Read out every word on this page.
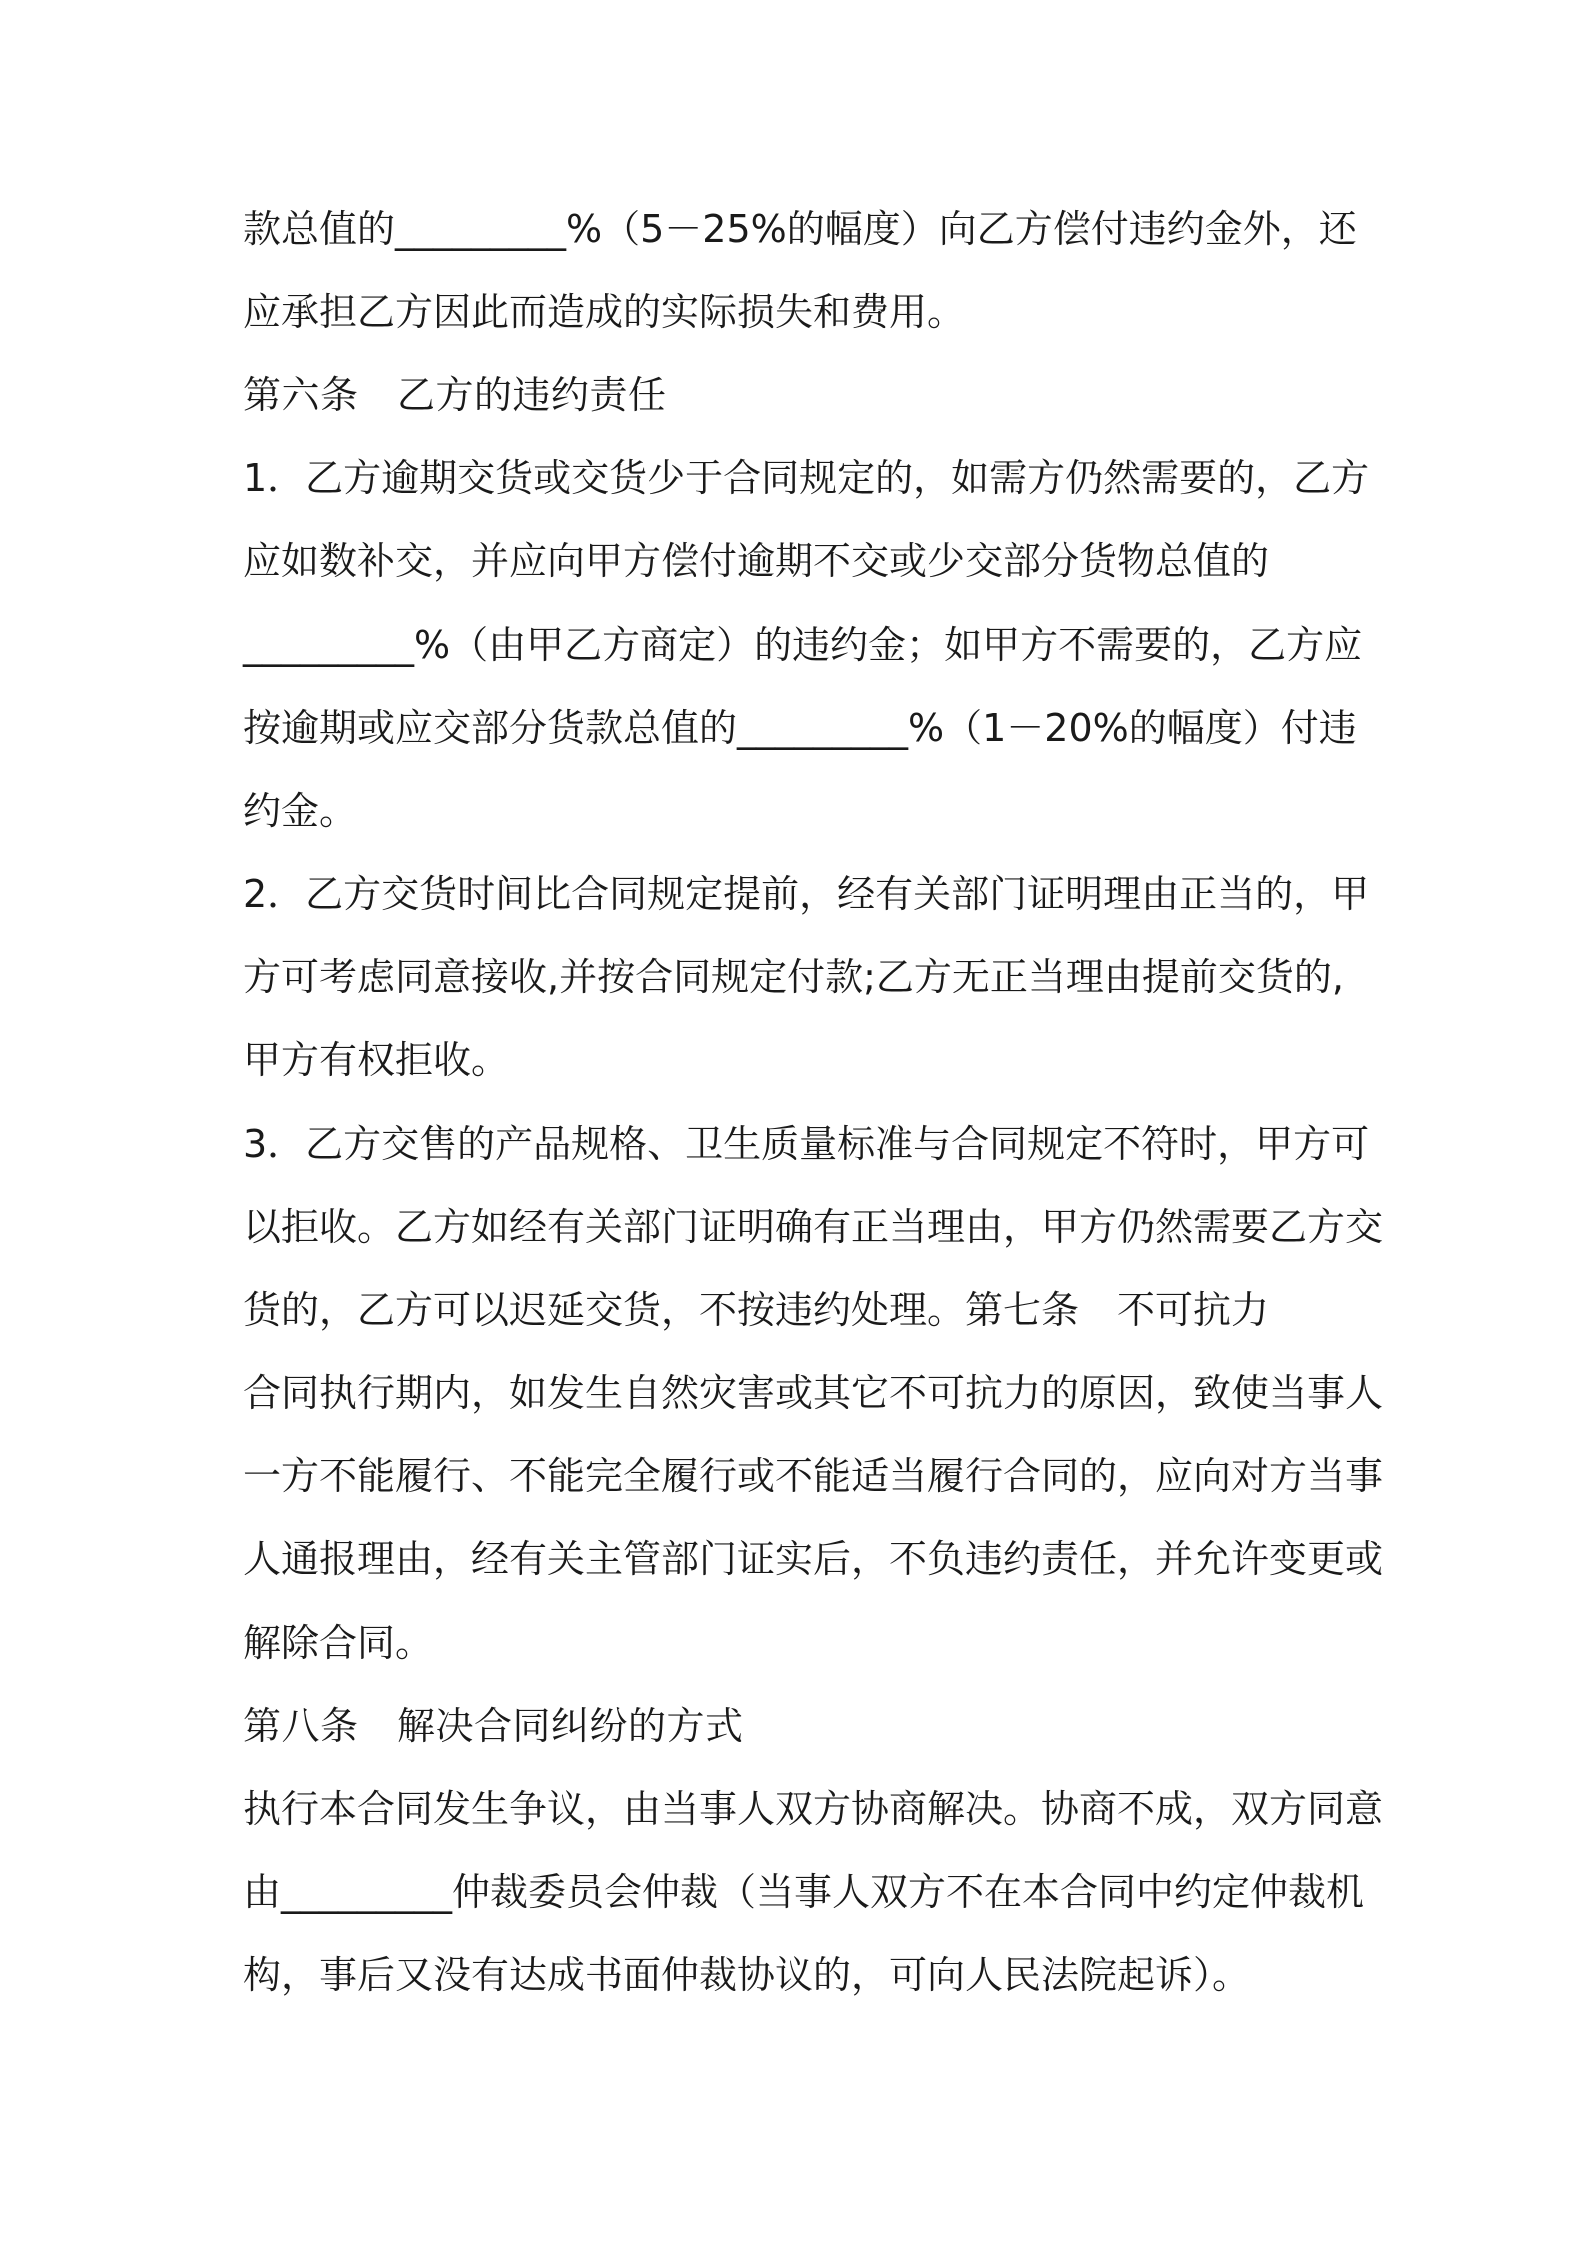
款总值的_________%（5－25%的幅度）向乙方偿付违约金外，还

应承担乙方因此而造成的实际损失和费用。

第六条　乙方的违约责任

1．乙方逾期交货或交货少于合同规定的，如需方仍然需要的，乙方

应如数补交，并应向甲方偿付逾期不交或少交部分货物总值的

_________%（由甲乙方商定）的违约金；如甲方不需要的，乙方应

按逾期或应交部分货款总值的_________%（1－20%的幅度）付违

约金。

2．乙方交货时间比合同规定提前，经有关部门证明理由正当的，甲

方可考虑同意接收,并按合同规定付款;乙方无正当理由提前交货的,

甲方有权拒收。

3．乙方交售的产品规格、卫生质量标准与合同规定不符时，甲方可

以拒收。乙方如经有关部门证明确有正当理由，甲方仍然需要乙方交

货的，乙方可以迟延交货，不按违约处理。第七条　不可抗力

合同执行期内，如发生自然灾害或其它不可抗力的原因，致使当事人

一方不能履行、不能完全履行或不能适当履行合同的，应向对方当事

人通报理由，经有关主管部门证实后，不负违约责任，并允许变更或

解除合同。

第八条　解决合同纠纷的方式

执行本合同发生争议，由当事人双方协商解决。协商不成，双方同意

由_________仲裁委员会仲裁（当事人双方不在本合同中约定仲裁机

构，事后又没有达成书面仲裁协议的，可向人民法院起诉）。
